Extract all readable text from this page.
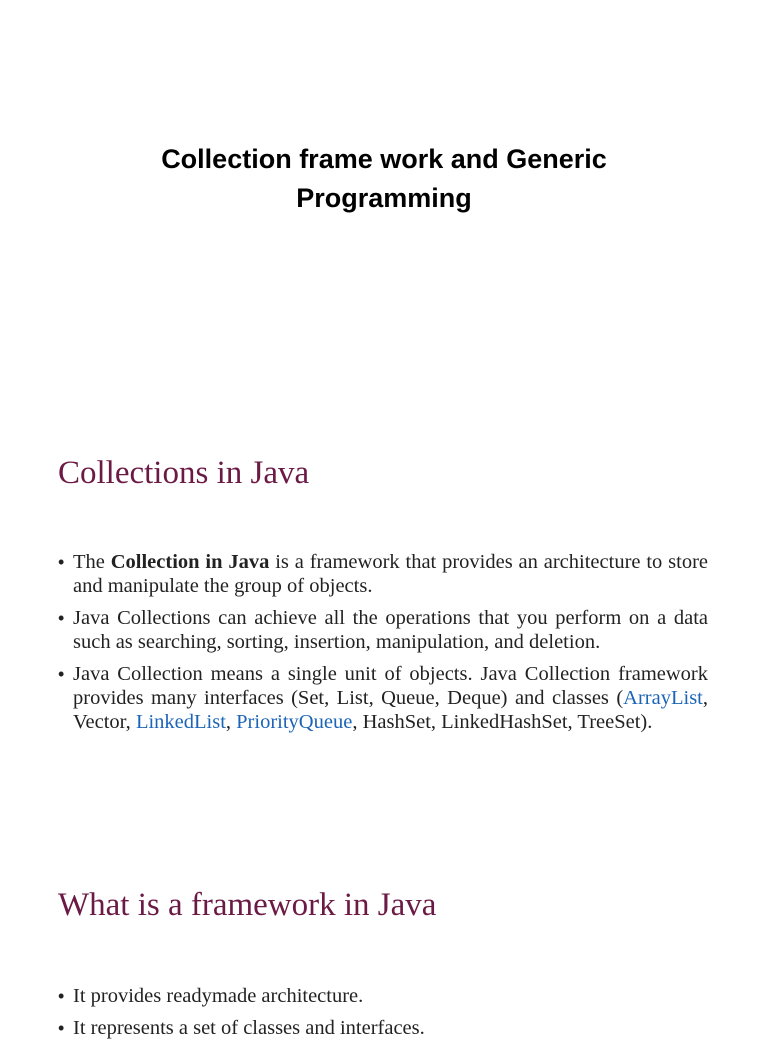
Collection frame work and Generic
Programming
Collections in Java
• The Collection in Java is a framework that provides an architecture to store and manipulate the group of objects.
• Java Collections can achieve all the operations that you perform on a data such as searching, sorting, insertion, manipulation, and deletion.
• Java Collection means a single unit of objects. Java Collection framework provides many interfaces (Set, List, Queue, Deque) and classes (ArrayList, Vector, LinkedList, PriorityQueue, HashSet, LinkedHashSet, TreeSet).
What is a framework in Java
• It provides readymade architecture.
• It represents a set of classes and interfaces.
